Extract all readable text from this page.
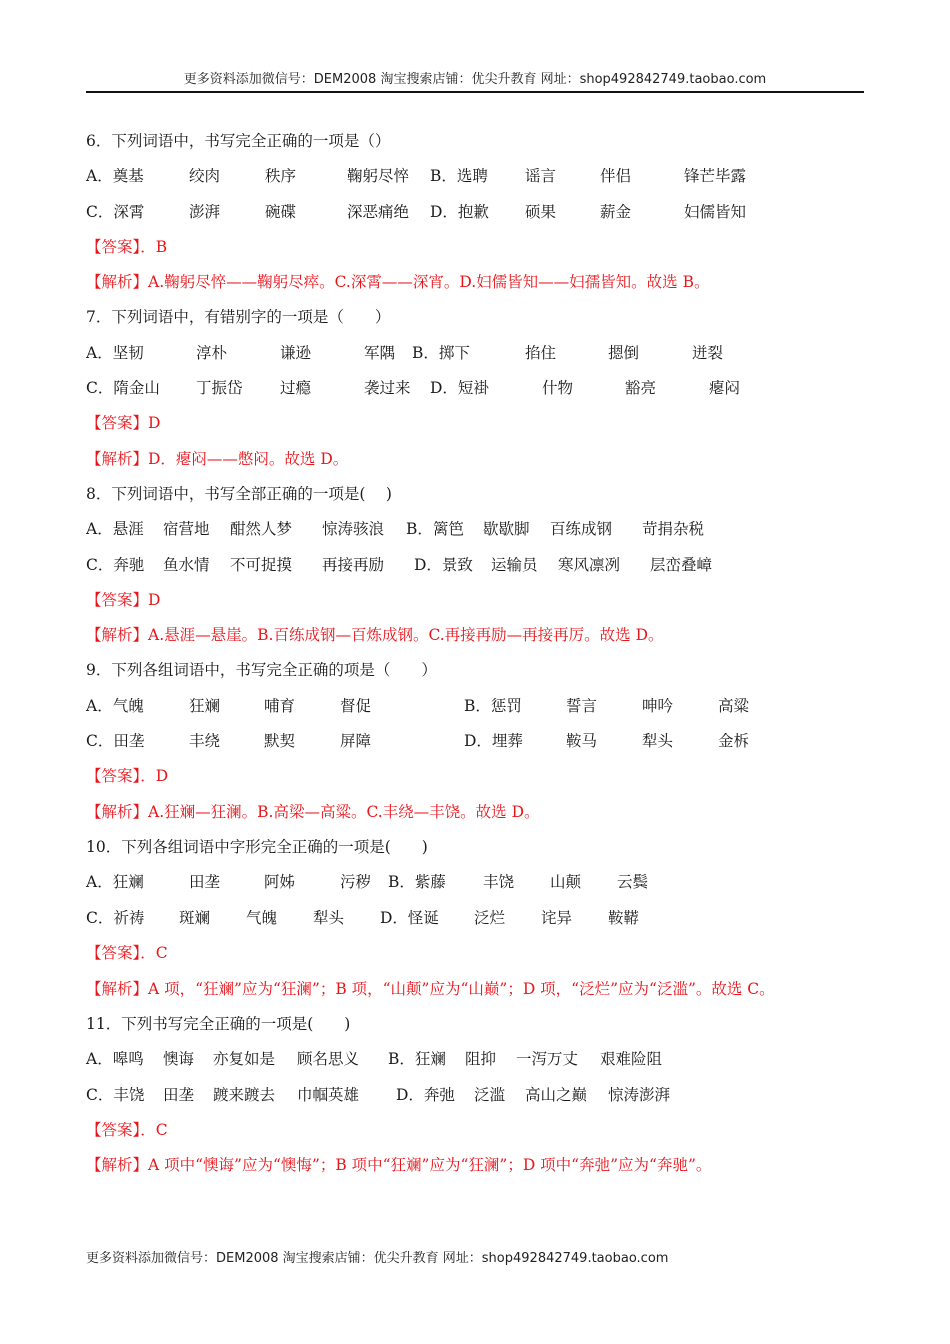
更多资料添加微信号：DEM2008 淘宝搜索店铺：优尖升教育 网址：shop492842749.taobao.com
6．下列词语中，书写完全正确的一项是（）
A．奠基	绞肉	秩序	鞠躬尽悴 B．选聘 谣言	伴侣	锋芒毕露
C．深霄	澎湃	碗碟	深恶痛绝 D．抱歉 硕果	薪金	妇儒皆知
【答案】．B
【解析】A.鞠躬尽悴——鞠躬尽瘁。C.深霄——深宵。D.妇儒皆知——妇孺皆知。故选 B。
7．下列词语中，有错别字的一项是（　　）
A．坚韧	淳朴	谦逊	军隅 B．掷下	掐住	摁倒	迸裂
C．隋金山 丁振岱 过瘾	袭过来 D．短褂	什物	豁亮	瘪闷
【答案】D
【解析】D．瘪闷——憋闷。故选 D。
8．下列词语中，书写全部正确的一项是(　 )
A．悬涯 宿营地 酣然人梦 惊涛骇浪 B．篱笆 歇歇脚 百练成钢 苛捐杂税
C．奔驰 鱼水情 不可捉摸 再接再励 D．景致 运输员 寒风凛冽 层峦叠嶂
【答案】D
【解析】A.悬涯—悬崖。B.百练成钢—百炼成钢。C.再接再励—再接再厉。故选 D。
9．下列各组词语中，书写完全正确的项是（　　）
A．气魄	狂斓	哺育	督促	B．惩罚	誓言	呻吟	高粱
C．田垄	丰绕	默契	屏障	D．埋葬	鞍马	犁头	金柝
【答案】．D
【解析】A.狂斓—狂澜。B.高梁—高粱。C.丰绕—丰饶。故选 D。
10．下列各组词语中字形完全正确的一项是(　　)
A．狂斓	田垄	阿姊	污秽 B．紫藤 丰饶 山颠 云鬓
C．祈祷 斑斓 气魄 犁头 D．怪诞 泛烂 诧异 鞍鞯
【答案】．C
【解析】A 项，“狂斓”应为“狂澜”；B 项，“山颠”应为“山巅”；D 项，“泛烂”应为“泛滥”。故选 C。
11．下列书写完全正确的一项是(　　)
A．嗥鸣 懊诲 亦复如是 顾名思义 B．狂斓 阻抑 一泻万丈 艰难险阻
C．丰饶 田垄 踱来踱去 巾帼英雄 D．奔弛 泛滥 高山之巅 惊涛澎湃
【答案】．C
【解析】A 项中“懊诲”应为“懊悔”；B 项中“狂斓”应为“狂澜”；D 项中“奔弛”应为“奔驰”。
更多资料添加微信号：DEM2008 淘宝搜索店铺：优尖升教育 网址：shop492842749.taobao.com
